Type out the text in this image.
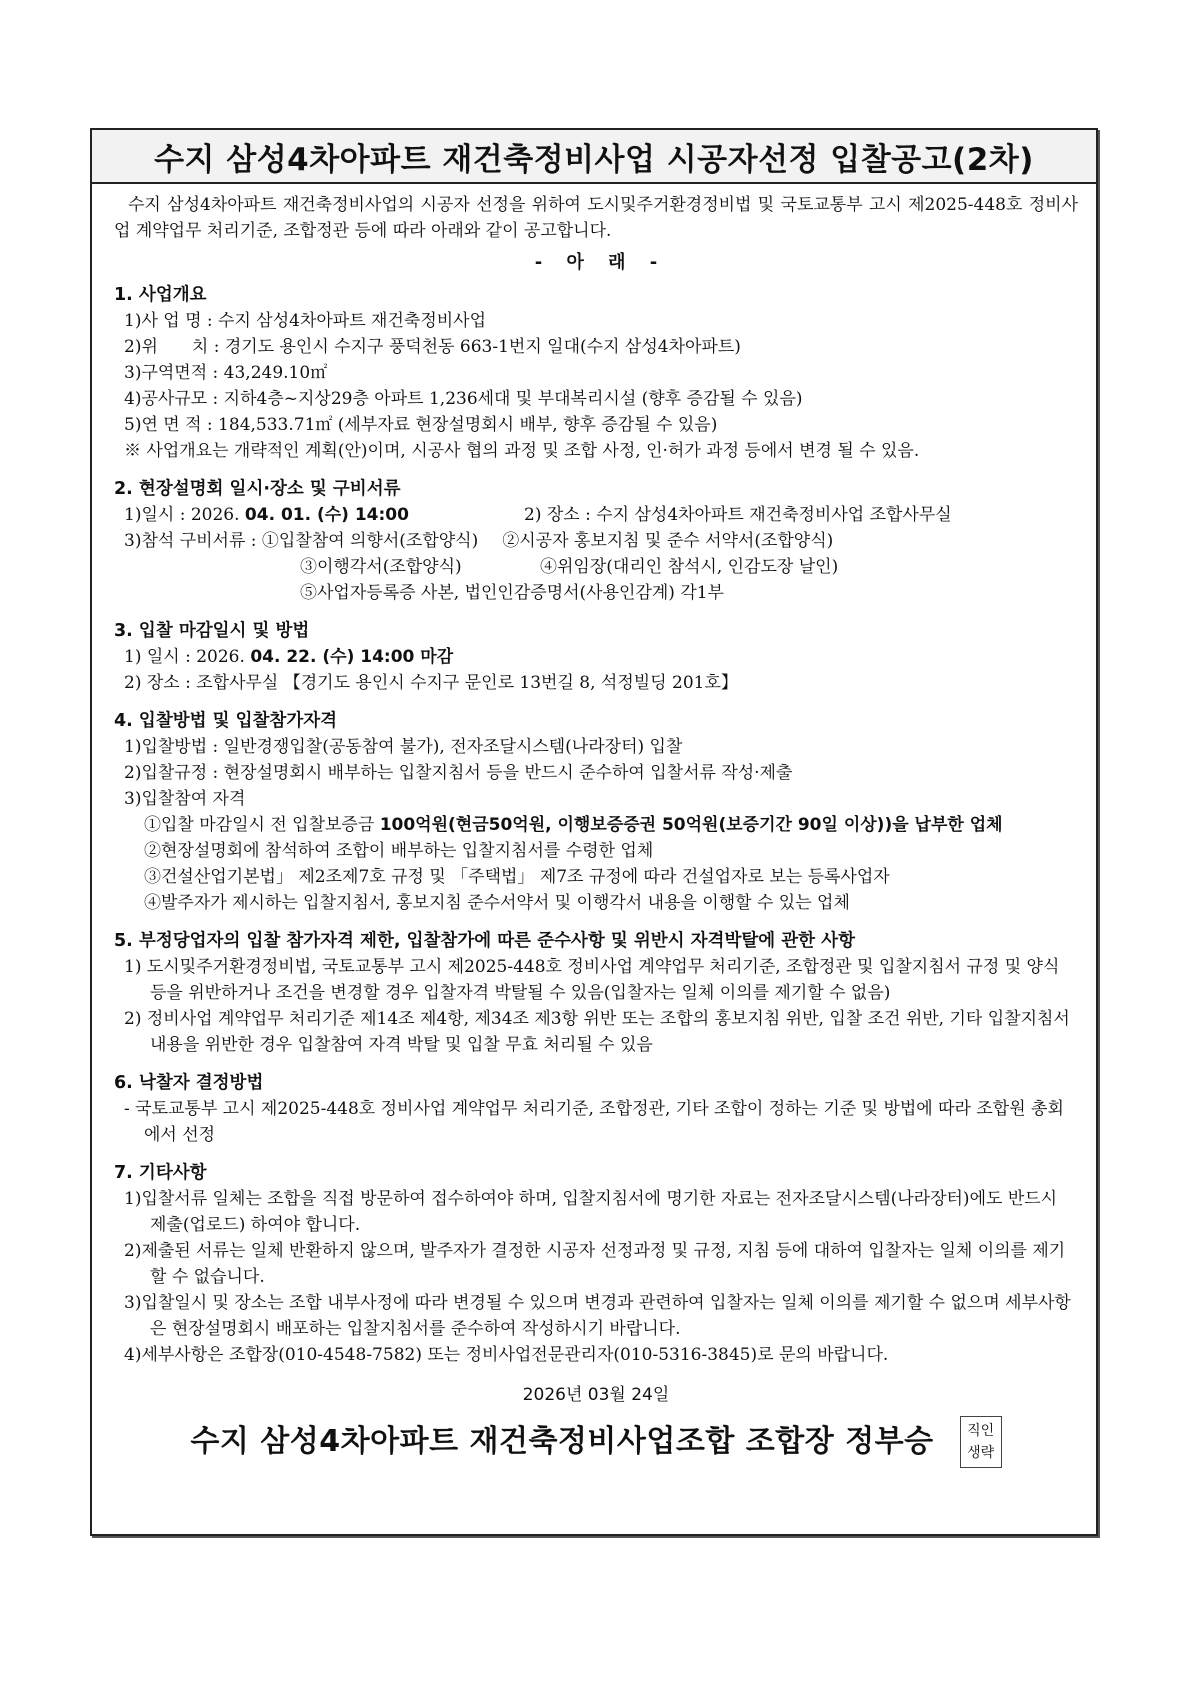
수지 삼성4차아파트 재건축정비사업 시공자선정 입찰공고(2차)

수지 삼성4차아파트 재건축정비사업의 시공자 선정을 위하여 도시및주거환경정비법 및 국토교통부 고시 제2025-448호 정비사업 계약업무 처리기준, 조합정관 등에 따라 아래와 같이 공고합니다.

- 아 래 -
1. 사업개요
1)사 업 명 : 수지 삼성4차아파트 재건축정비사업
2)위　　치 : 경기도 용인시 수지구 풍덕천동 663-1번지 일대(수지 삼성4차아파트)
3)구역면적 : 43,249.10㎡
4)공사규모 : 지하4층~지상29층 아파트 1,236세대 및 부대복리시설 (향후 증감될 수 있음)
5)연 면 적 : 184,533.71㎡ (세부자료 현장설명회시 배부, 향후 증감될 수 있음)
※ 사업개요는 개략적인 계획(안)이며, 시공사 협의 과정 및 조합 사정, 인·허가 과정 등에서 변경 될 수 있음.
2. 현장설명회 일시·장소 및 구비서류
1)일시 : 2026. 04. 01. (수) 14:00	2) 장소 : 수지 삼성4차아파트 재건축정비사업 조합사무실
3)참석 구비서류 : ①입찰참여 의향서(조합양식) ②시공자 홍보지침 및 준수 서약서(조합양식)
③이행각서(조합양식)	④위임장(대리인 참석시, 인감도장 날인)
⑤사업자등록증 사본, 법인인감증명서(사용인감계) 각1부
3. 입찰 마감일시 및 방법
1) 일시 : 2026. 04. 22. (수) 14:00 마감
2) 장소 : 조합사무실 【경기도 용인시 수지구 문인로 13번길 8, 석정빌딩 201호】
4. 입찰방법 및 입찰참가자격
1)입찰방법 : 일반경쟁입찰(공동참여 불가), 전자조달시스템(나라장터) 입찰
2)입찰규정 : 현장설명회시 배부하는 입찰지침서 등을 반드시 준수하여 입찰서류 작성·제출
3)입찰참여 자격
①입찰 마감일시 전 입찰보증금 100억원(현금50억원, 이행보증증권 50억원(보증기간 90일 이상))을 납부한 업체
②현장설명회에 참석하여 조합이 배부하는 입찰지침서를 수령한 업체
③건설산업기본법」 제2조제7호 규정 및 「주택법」 제7조 규정에 따라 건설업자로 보는 등록사업자
④발주자가 제시하는 입찰지침서, 홍보지침 준수서약서 및 이행각서 내용을 이행할 수 있는 업체
5. 부정당업자의 입찰 참가자격 제한, 입찰참가에 따른 준수사항 및 위반시 자격박탈에 관한 사항
1) 도시및주거환경정비법, 국토교통부 고시 제2025-448호 정비사업 계약업무 처리기준, 조합정관 및 입찰지침서 규정 및 양식 등을 위반하거나 조건을 변경할 경우 입찰자격 박탈될 수 있음(입찰자는 일체 이의를 제기할 수 없음)
2) 정비사업 계약업무 처리기준 제14조 제4항, 제34조 제3항 위반 또는 조합의 홍보지침 위반, 입찰 조건 위반, 기타 입찰지침서 내용을 위반한 경우 입찰참여 자격 박탈 및 입찰 무효 처리될 수 있음
6. 낙찰자 결정방법
- 국토교통부 고시 제2025-448호 정비사업 계약업무 처리기준, 조합정관, 기타 조합이 정하는 기준 및 방법에 따라 조합원 총회에서 선정
7. 기타사항
1)입찰서류 일체는 조합을 직접 방문하여 접수하여야 하며, 입찰지침서에 명기한 자료는 전자조달시스템(나라장터)에도 반드시 제출(업로드) 하여야 합니다.
2)제출된 서류는 일체 반환하지 않으며, 발주자가 결정한 시공자 선정과정 및 규정, 지침 등에 대하여 입찰자는 일체 이의를 제기할 수 없습니다.
3)입찰일시 및 장소는 조합 내부사정에 따라 변경될 수 있으며 변경과 관련하여 입찰자는 일체 이의를 제기할 수 없으며 세부사항은 현장설명회시 배포하는 입찰지침서를 준수하여 작성하시기 바랍니다.
4)세부사항은 조합장(010-4548-7582) 또는 정비사업전문관리자(010-5316-3845)로 문의 바랍니다.
2026년 03월 24일
수지 삼성4차아파트 재건축정비사업조합 조합장 정부승	직인
생략
